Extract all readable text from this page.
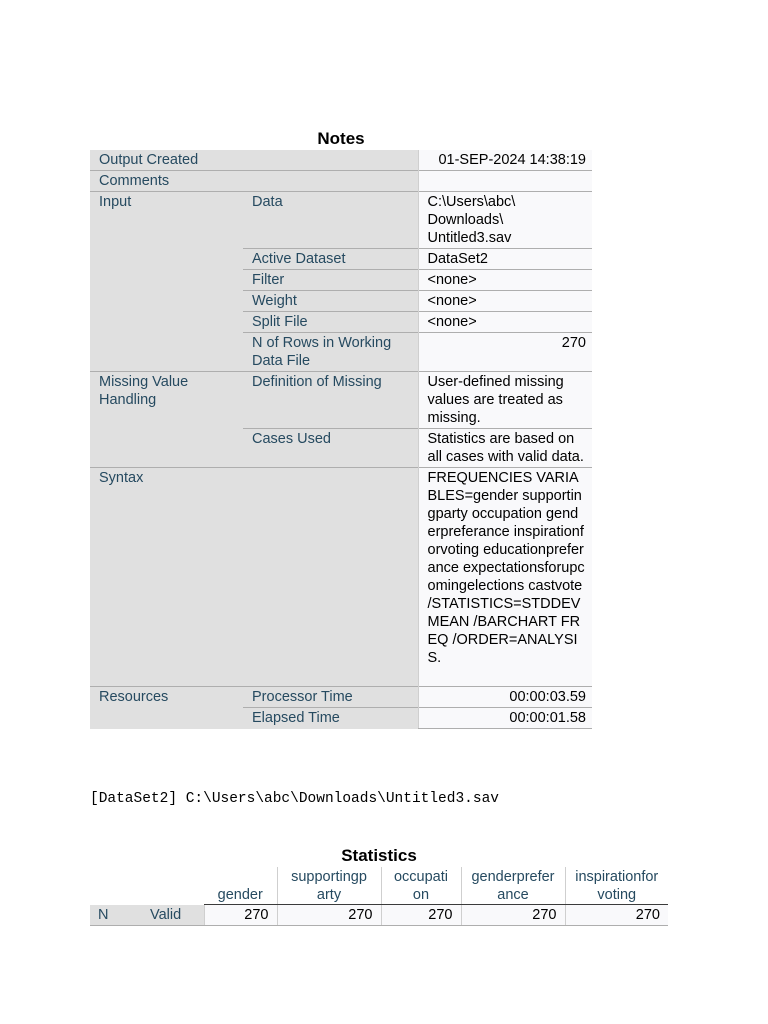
Notes
Output Created		01-SEP-2024 14:38:19
Comments		
Input	Data	C:\Users\abc\ Downloads\ Untitled3.sav
	Active Dataset	DataSet2
	Filter	<none>
	Weight	<none>
	Split File	<none>
	N of Rows in Working Data File	270
Missing Value Handling	Definition of Missing	User-defined missing values are treated as missing.
	Cases Used	Statistics are based on all cases with valid data.
Syntax		FREQUENCIES VARIABLES=gender supportingparty occupation genderpreferance inspirationforvoting educationpreferance expectationsforupcomingelections castvote /STATISTICS=STDDEV MEAN /BARCHART FREQ /ORDER=ANALYSIS.
Resources	Processor Time	00:00:03.59
	Elapsed Time	00:00:01.58
[DataSet2] C:\Users\abc\Downloads\Untitled3.sav
Statistics
		gender	supportingp arty	occupati on	genderprefer ance	inspirationfor voting
N	Valid	270	270	270	270	270
